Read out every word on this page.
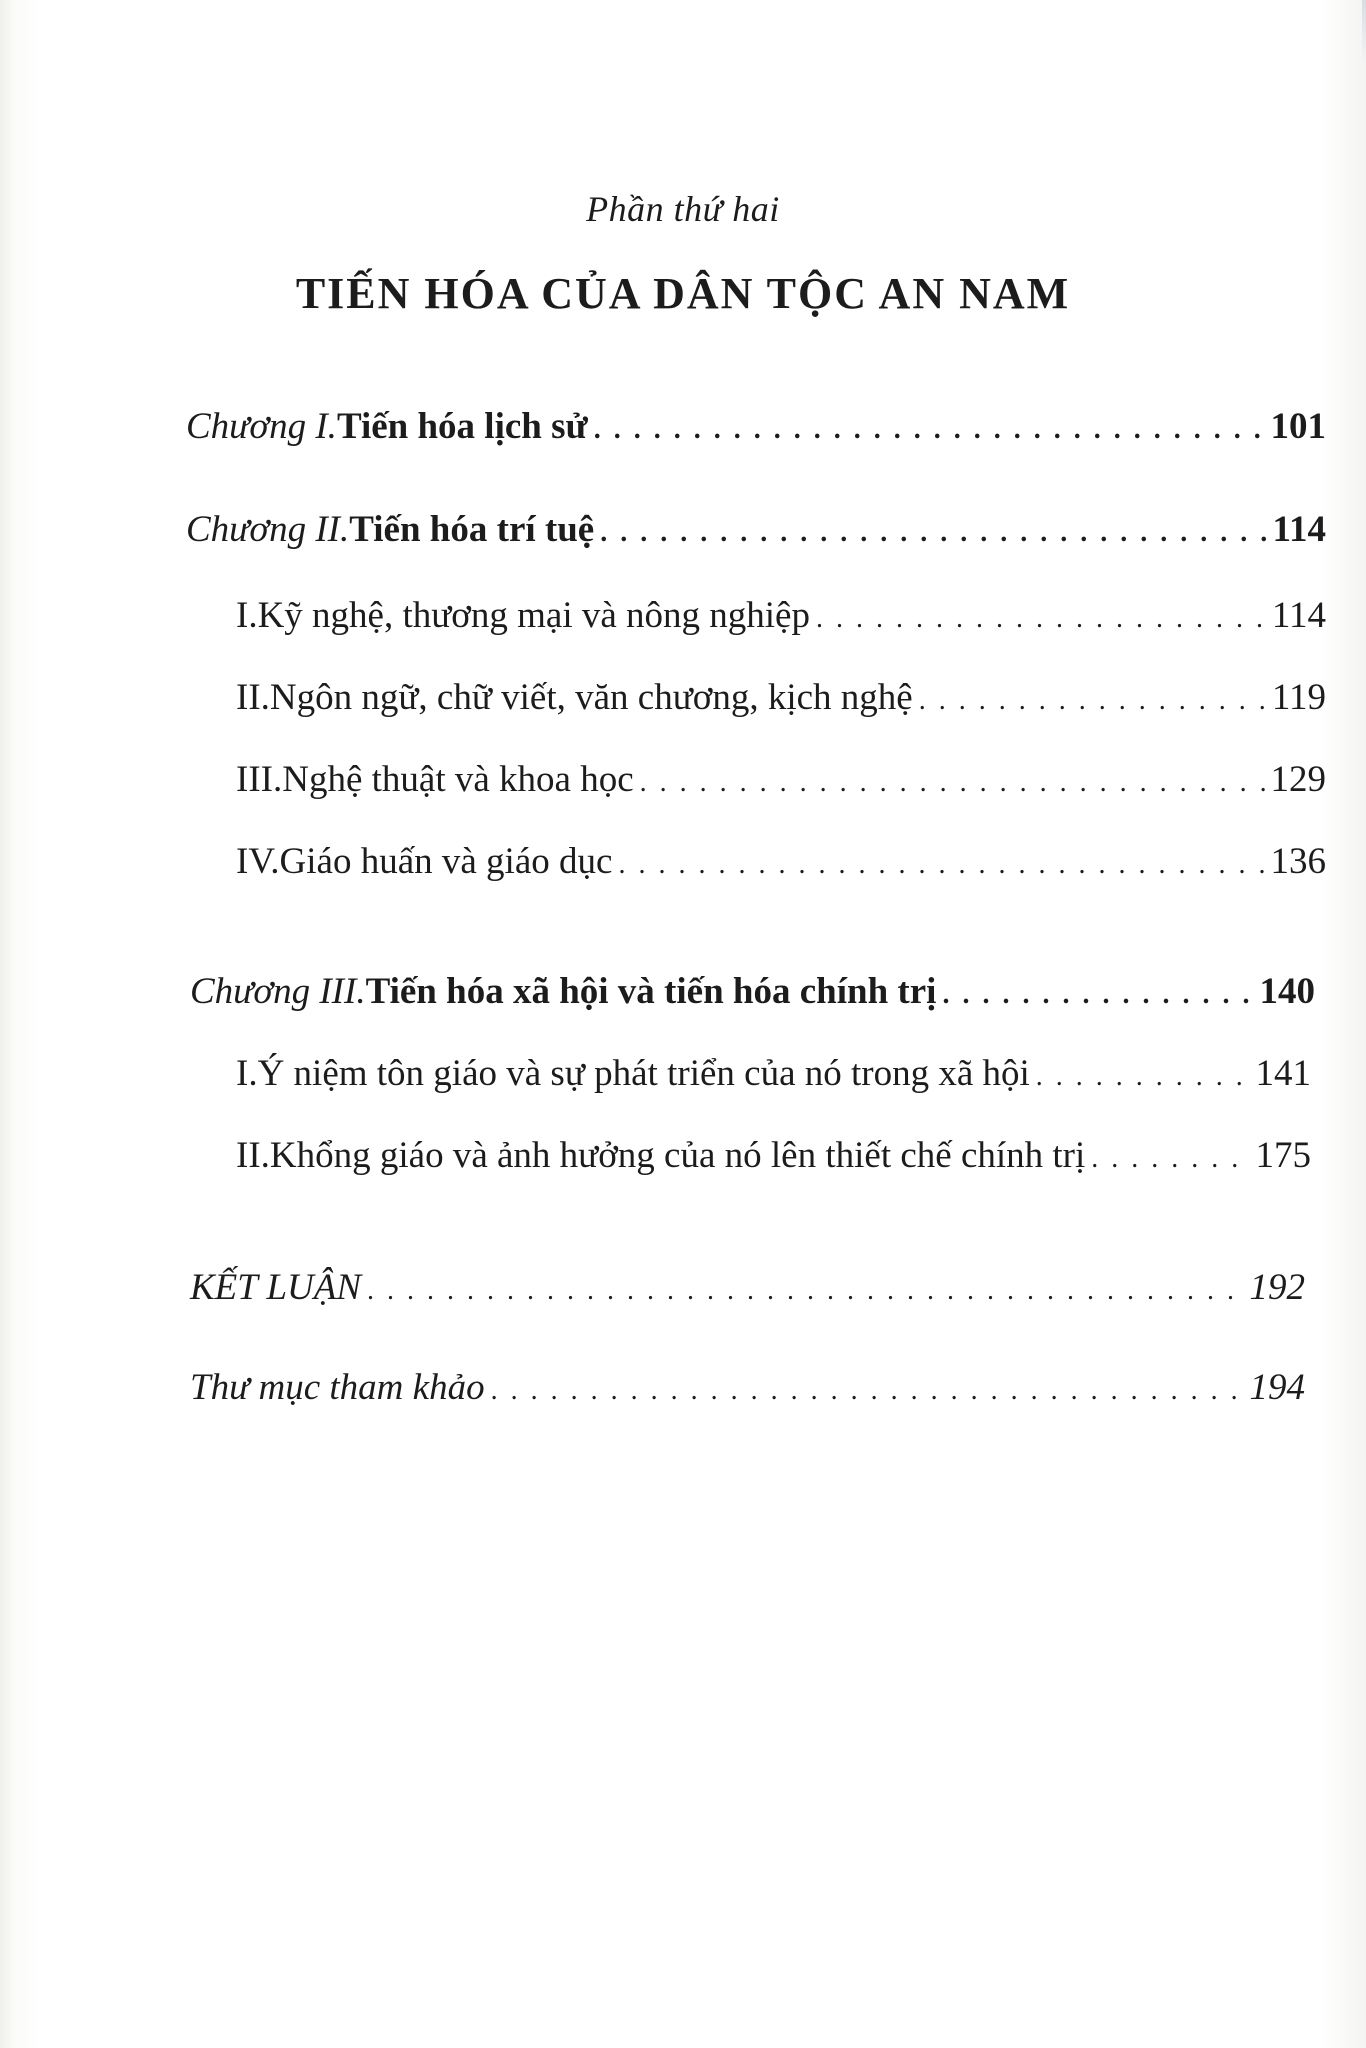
Phần thứ hai
TIẾN HÓA CỦA DÂN TỘC AN NAM
Chương I. Tiến hóa lịch sử . . .	101
Chương II. Tiến hóa trí tuệ . . .	114
I. Kỹ nghệ, thương mại và nông nghiệp . . .	114
II. Ngôn ngữ, chữ viết, văn chương, kịch nghệ . . .	119
III. Nghệ thuật và khoa học . . .	129
IV. Giáo huấn và giáo dục . . .	136
Chương III. Tiến hóa xã hội và tiến hóa chính trị . . .	140
I. Ý niệm tôn giáo và sự phát triển của nó trong xã hội . . .	141
II. Khổng giáo và ảnh hưởng của nó lên thiết chế chính trị . . .	175
KẾT LUẬN . . .	192
Thư mục tham khảo . . .	194
